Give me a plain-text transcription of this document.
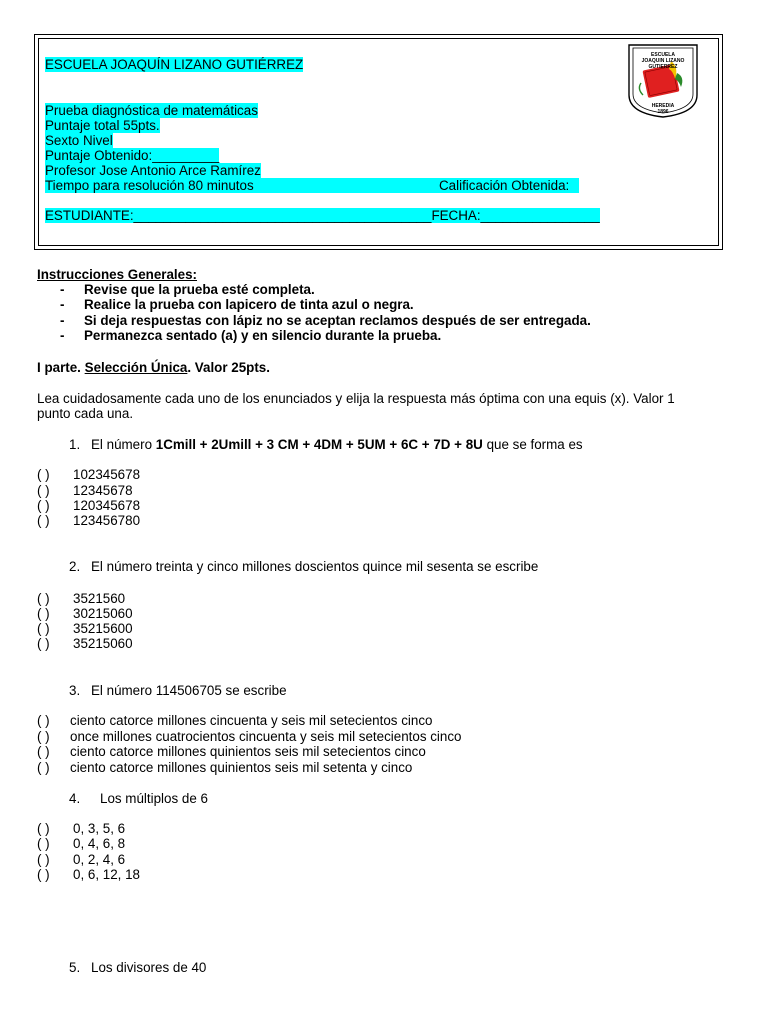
ESCUELA JOAQUÍN LIZANO GUTIÉRREZ
Prueba diagnóstica de matemáticas
Puntaje total 55pts.
Sexto Nivel
Puntaje Obtenido:_________
Profesor Jose Antonio Arce Ramírez
Tiempo para resolución 80 minutos	Calificación Obtenida:
ESTUDIANTE:________________________________________FECHA:________________
ESCUELA
JOAQUIN LIZANO
GUTIERREZ
HEREDIA
1896
Instrucciones Generales:
- Revise que la prueba esté completa.
- Realice la prueba con lapicero de tinta azul o negra.
- Si deja respuestas con lápiz no se aceptan reclamos después de ser entregada.
- Permanezca sentado (a) y en silencio durante la prueba.
I parte. Selección Única. Valor 25pts.
Lea cuidadosamente cada uno de los enunciados y elija la respuesta más óptima con una equis (x). Valor 1
punto cada una.
1. El número 1Cmill + 2Umill + 3 CM + 4DM + 5UM + 6C + 7D + 8U que se forma es
( ) 102345678
( ) 12345678
( ) 120345678
( ) 123456780
2. El número treinta y cinco millones doscientos quince mil sesenta se escribe
( ) 3521560
( ) 30215060
( ) 35215600
( ) 35215060
3. El número 114506705 se escribe
( ) ciento catorce millones cincuenta y seis mil setecientos cinco
( ) once millones cuatrocientos cincuenta y seis mil setecientos cinco
( ) ciento catorce millones quinientos seis mil setecientos cinco
( ) ciento catorce millones quinientos seis mil setenta y cinco
4. Los múltiplos de 6
( ) 0, 3, 5, 6
( ) 0, 4, 6, 8
( ) 0, 2, 4, 6
( ) 0, 6, 12, 18
5. Los divisores de 40
